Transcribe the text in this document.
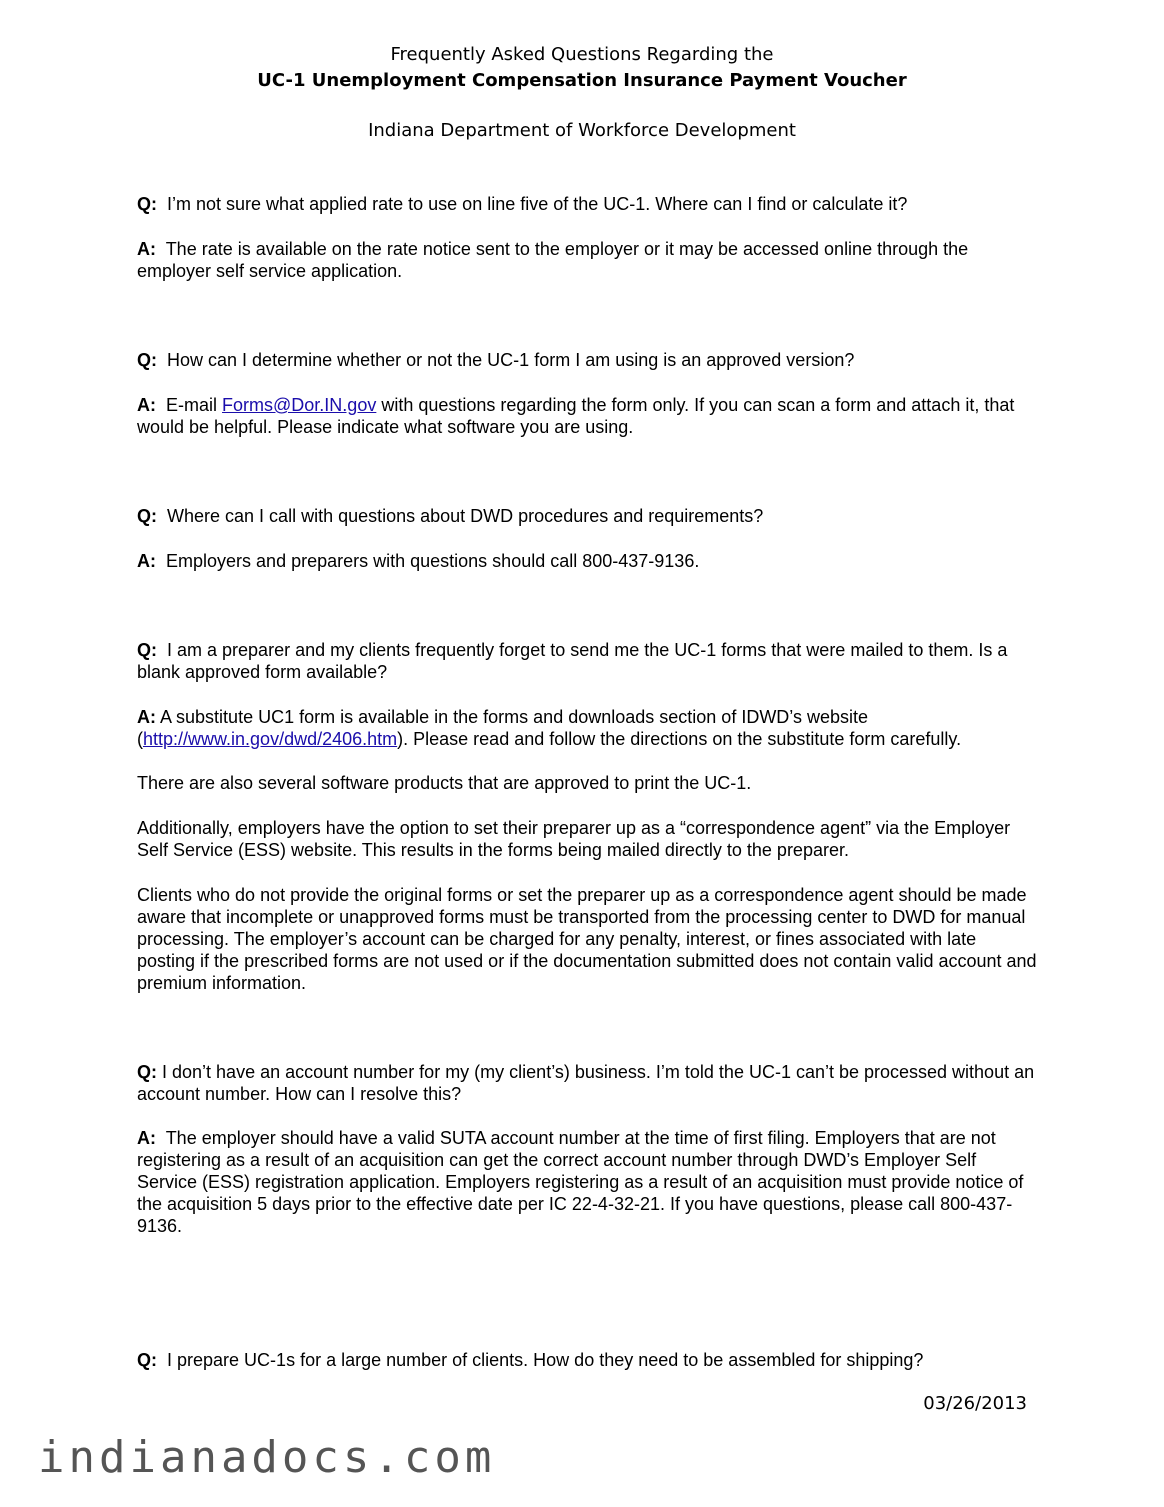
Frequently Asked Questions Regarding the
UC-1 Unemployment Compensation Insurance Payment Voucher
Indiana Department of Workforce Development
Q: I’m not sure what applied rate to use on line five of the UC-1. Where can I find or calculate it?
A: The rate is available on the rate notice sent to the employer or it may be accessed online through the employer self service application.
Q: How can I determine whether or not the UC-1 form I am using is an approved version?
A: E-mail Forms@Dor.IN.gov with questions regarding the form only. If you can scan a form and attach it, that would be helpful. Please indicate what software you are using.
Q: Where can I call with questions about DWD procedures and requirements?
A: Employers and preparers with questions should call 800-437-9136.
Q: I am a preparer and my clients frequently forget to send me the UC-1 forms that were mailed to them. Is a blank approved form available?
A: A substitute UC1 form is available in the forms and downloads section of IDWD’s website (http://www.in.gov/dwd/2406.htm). Please read and follow the directions on the substitute form carefully.
There are also several software products that are approved to print the UC-1.
Additionally, employers have the option to set their preparer up as a “correspondence agent” via the Employer Self Service (ESS) website. This results in the forms being mailed directly to the preparer.
Clients who do not provide the original forms or set the preparer up as a correspondence agent should be made aware that incomplete or unapproved forms must be transported from the processing center to DWD for manual processing. The employer’s account can be charged for any penalty, interest, or fines associated with late posting if the prescribed forms are not used or if the documentation submitted does not contain valid account and premium information.
Q: I don’t have an account number for my (my client’s) business. I’m told the UC-1 can’t be processed without an account number. How can I resolve this?
A: The employer should have a valid SUTA account number at the time of first filing. Employers that are not registering as a result of an acquisition can get the correct account number through DWD’s Employer Self Service (ESS) registration application. Employers registering as a result of an acquisition must provide notice of the acquisition 5 days prior to the effective date per IC 22-4-32-21. If you have questions, please call 800-437-9136.
Q: I prepare UC-1s for a large number of clients. How do they need to be assembled for shipping?
03/26/2013
indianadocs.com
